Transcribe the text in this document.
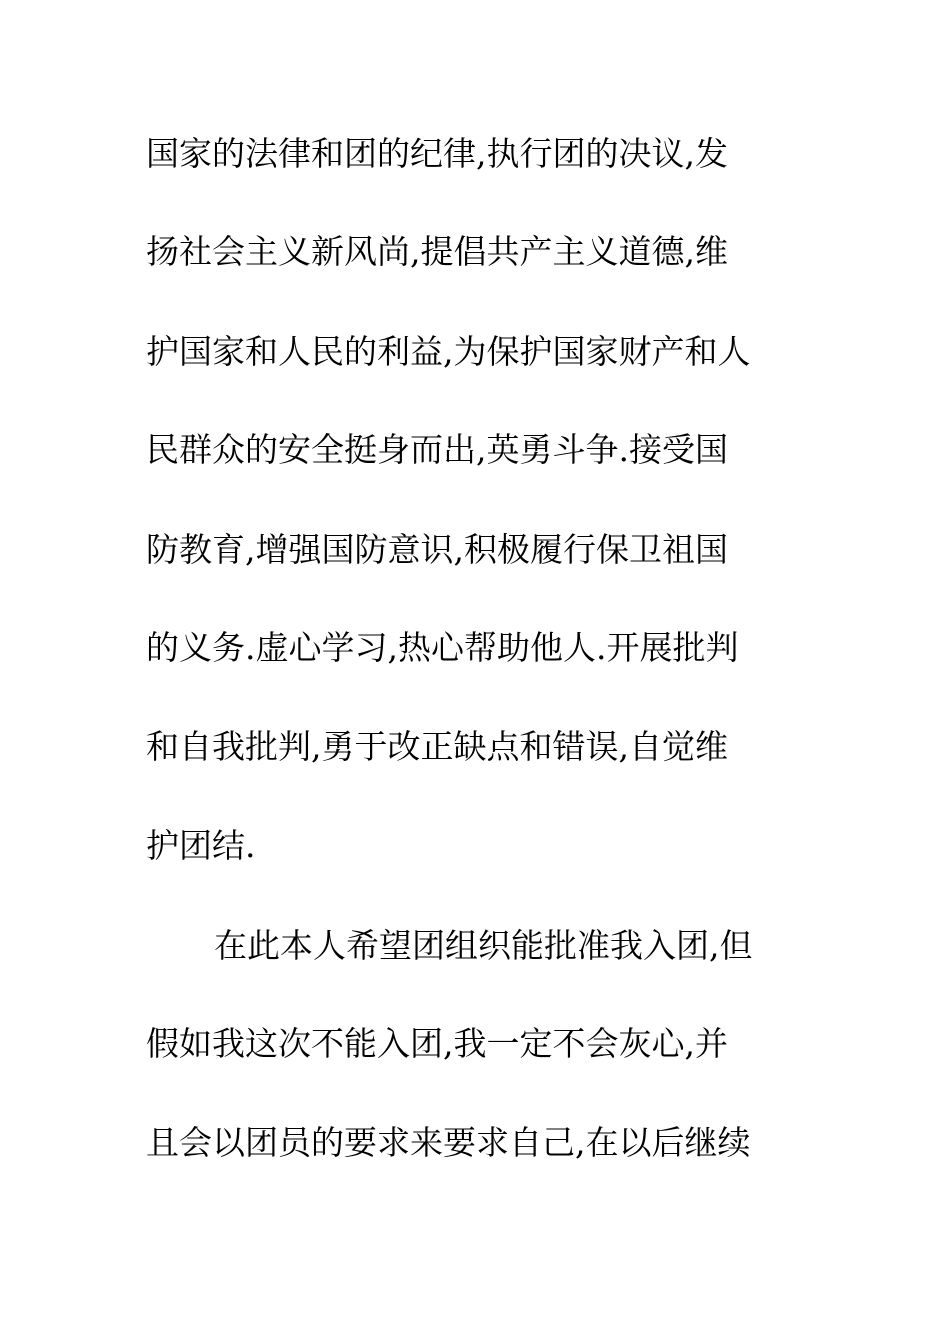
国家的法律和团的纪律,执行团的决议,发
扬社会主义新风尚,提倡共产主义道德,维
护国家和人民的利益,为保护国家财产和人
民群众的安全挺身而出,英勇斗争.接受国
防教育,增强国防意识,积极履行保卫祖国
的义务.虚心学习,热心帮助他人.开展批判
和自我批判,勇于改正缺点和错误,自觉维
护团结.
在此本人希望团组织能批准我入团,但
假如我这次不能入团,我一定不会灰心,并
且会以团员的要求来要求自己,在以后继续
